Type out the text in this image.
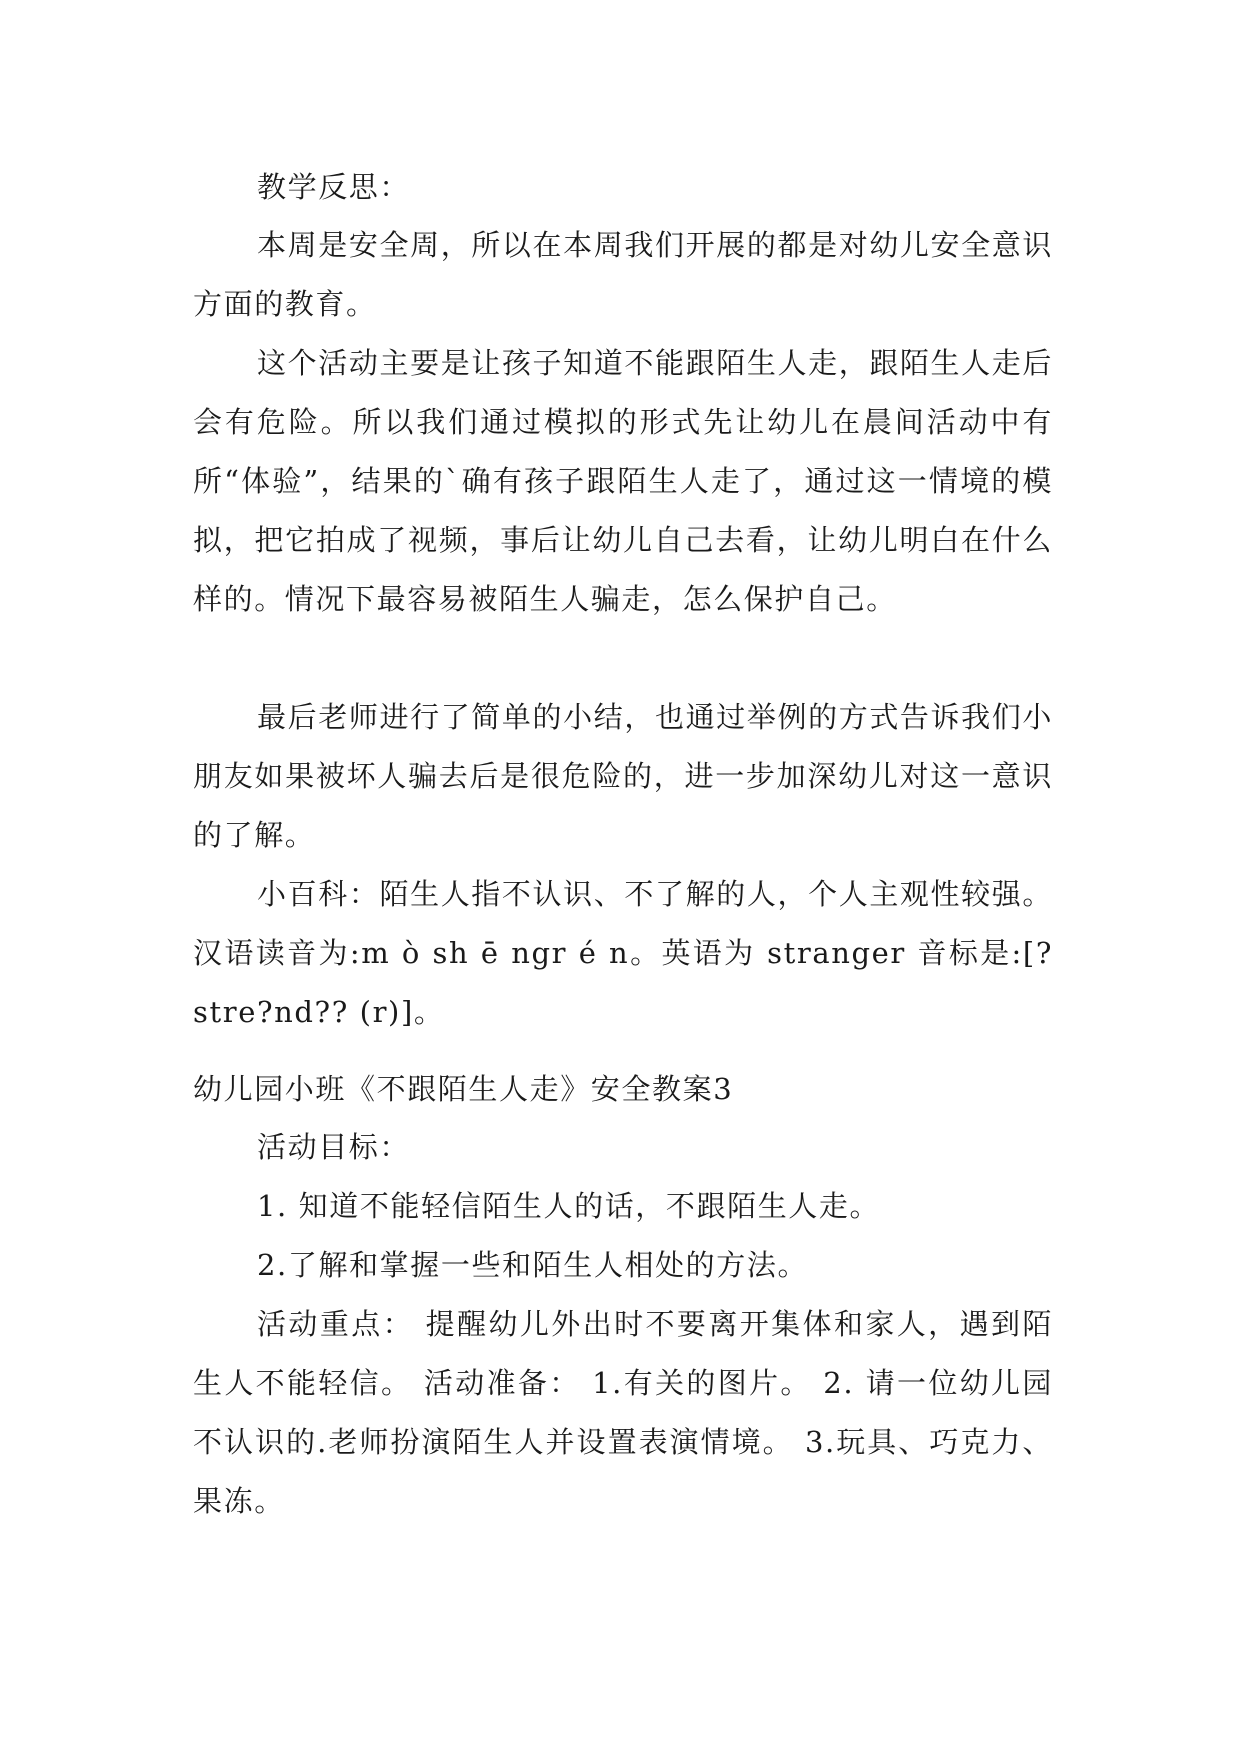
教学反思：

本周是安全周，所以在本周我们开展的都是对幼儿安全意识方面的教育。

这个活动主要是让孩子知道不能跟陌生人走，跟陌生人走后会有危险。所以我们通过模拟的形式先让幼儿在晨间活动中有所“体验”，结果的`确有孩子跟陌生人走了，通过这一情境的模拟，把它拍成了视频，事后让幼儿自己去看，让幼儿明白在什么样的。情况下最容易被陌生人骗走，怎么保护自己。

最后老师进行了简单的小结，也通过举例的方式告诉我们小朋友如果被坏人骗去后是很危险的，进一步加深幼儿对这一意识的了解。

小百科：陌生人指不认识、不了解的人，个人主观性较强。汉语读音为:m ò sh ē ngr é n。英语为 stranger 音标是:[? stre?nd?? (r)]。

幼儿园小班《不跟陌生人走》安全教案3

活动目标：

1. 知道不能轻信陌生人的话，不跟陌生人走。

2.了解和掌握一些和陌生人相处的方法。

活动重点： 提醒幼儿外出时不要离开集体和家人，遇到陌生人不能轻信。 活动准备： 1.有关的图片。 2. 请一位幼儿园不认识的.老师扮演陌生人并设置表演情境。 3.玩具、巧克力、果冻。
